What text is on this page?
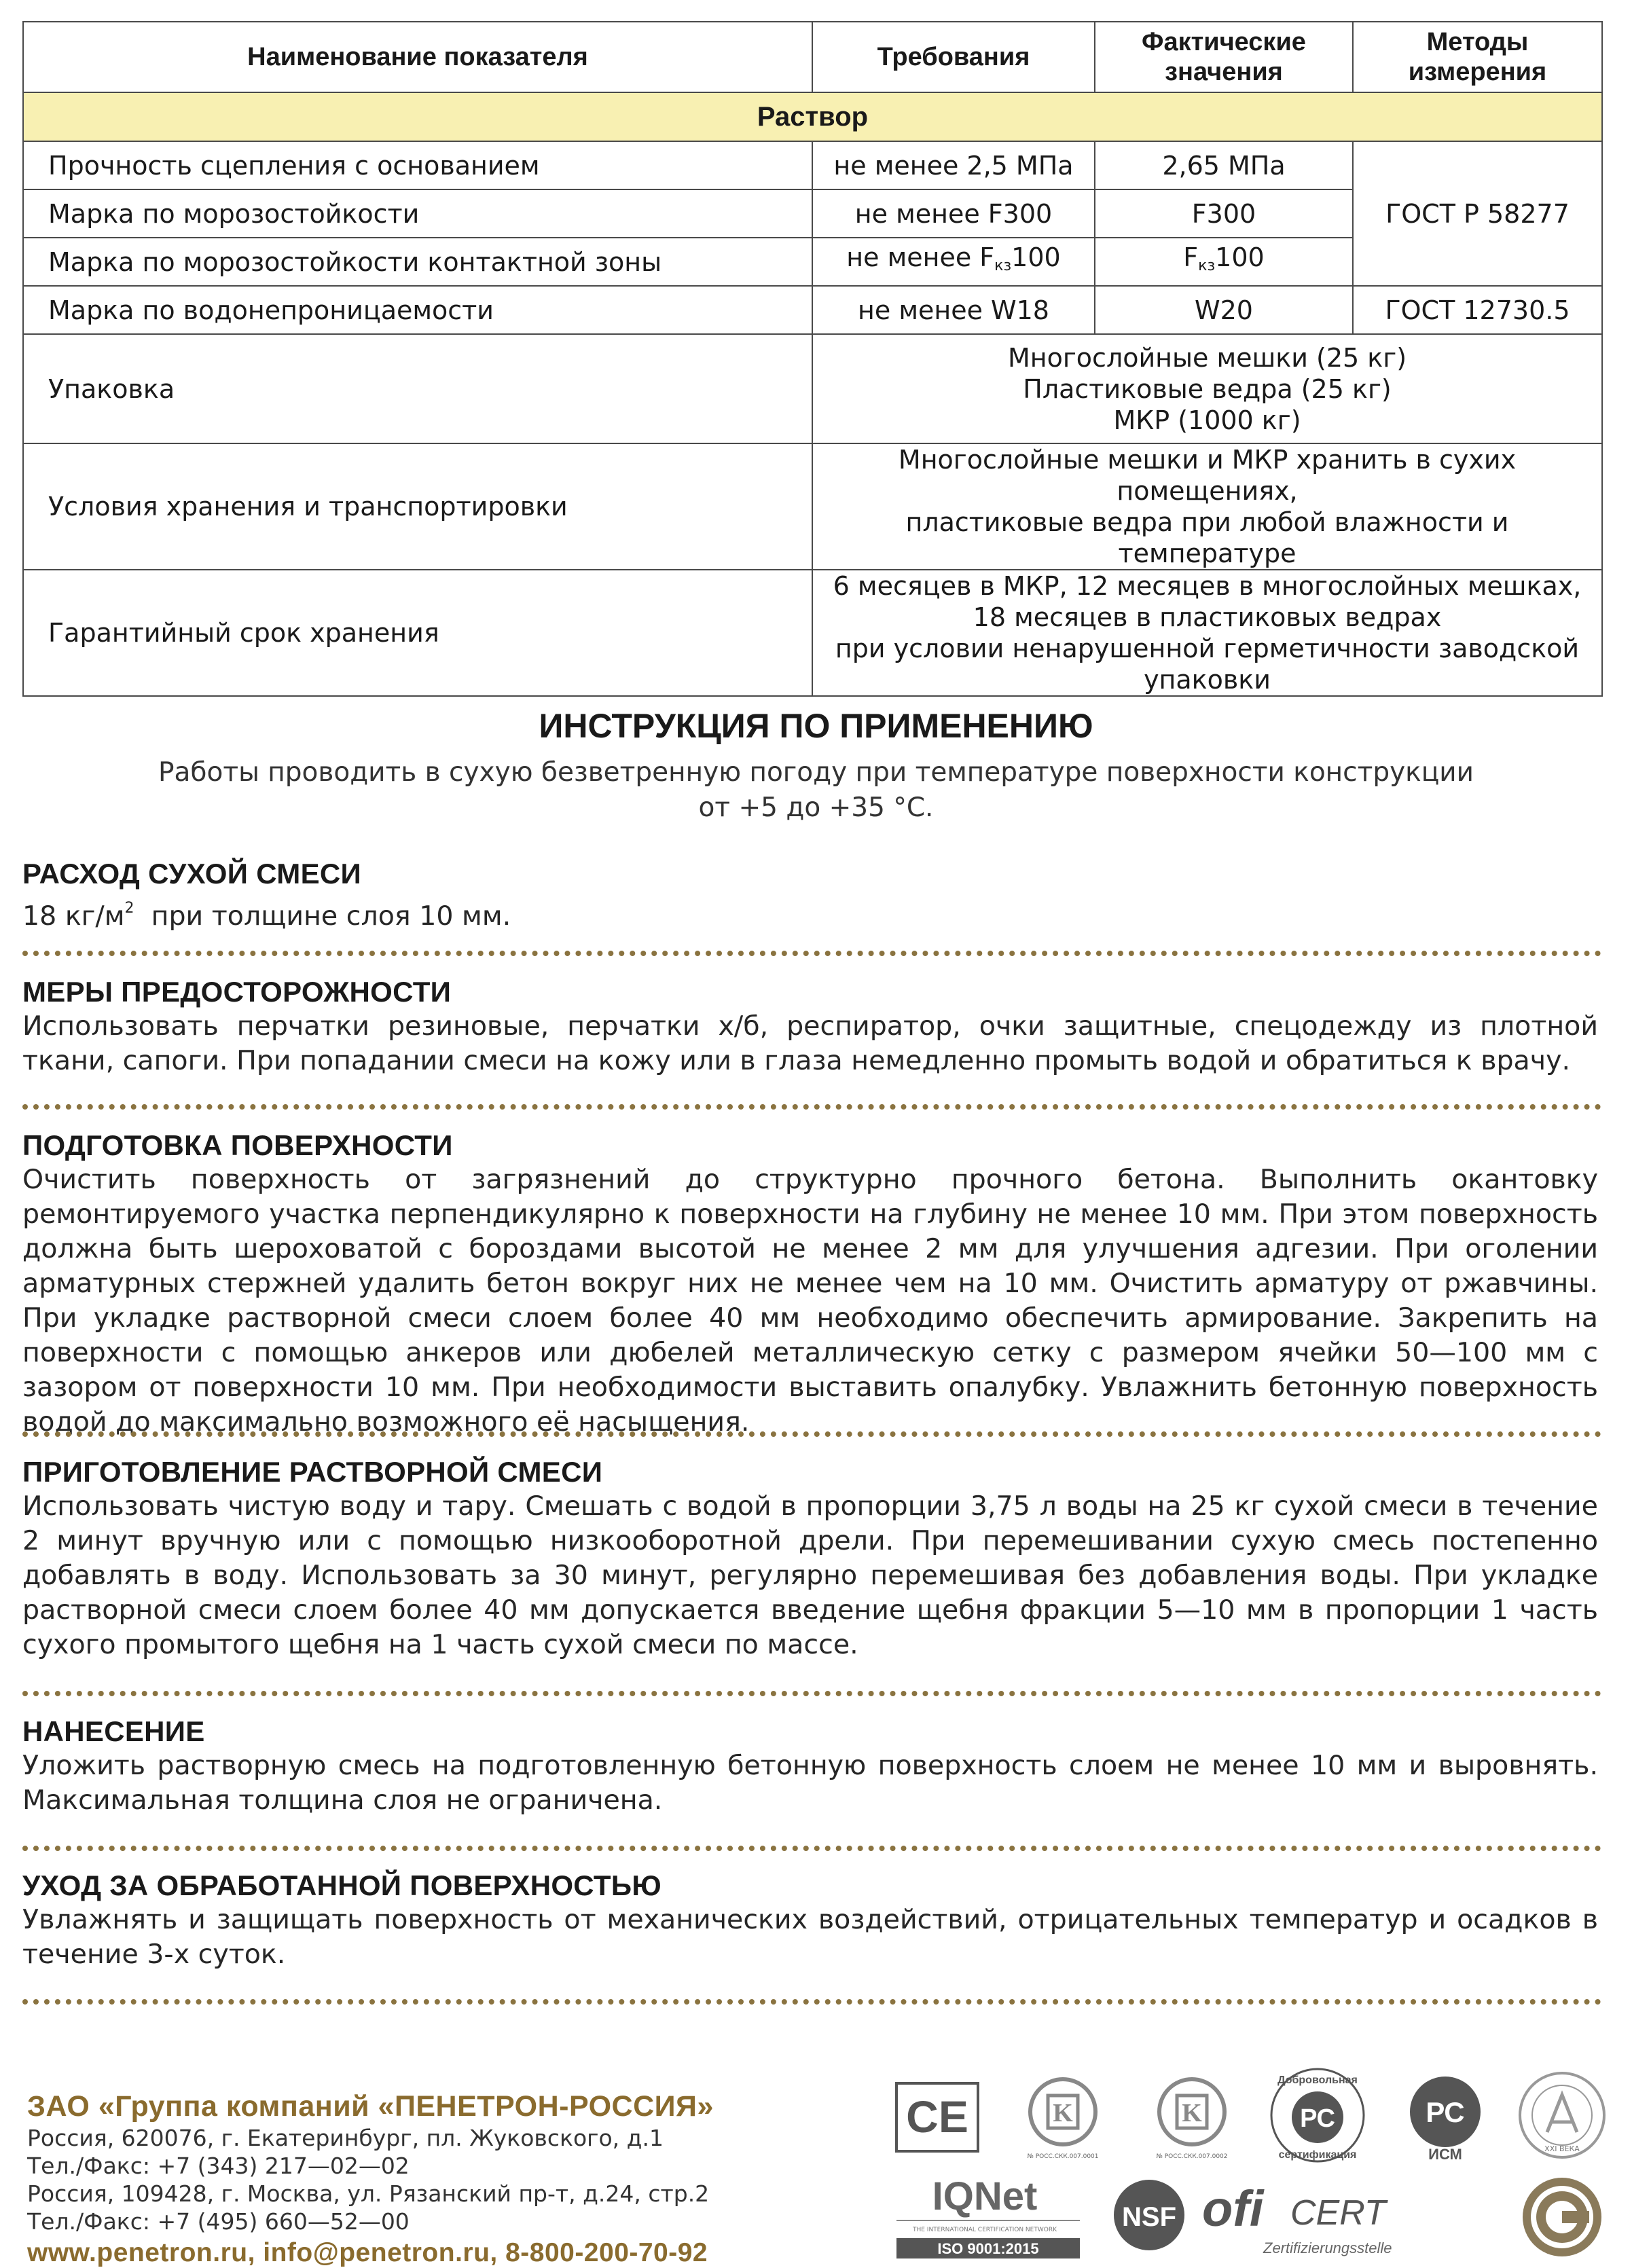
Наименование показателя	Требования	Фактические значения	Методы измерения

Раствор			
Прочность сцепления с основанием	не менее 2,5 МПа	2,65 МПа	ГОСТ Р 58277
Марка по морозостойкости	не менее F300	F300	
Марка по морозостойкости контактной зоны	не менее $F_{кз}100$	$F_{кз}100$	
Марка по водонепроницаемости	не менее W18	W20	ГОСТ 12730.5
Упаковка	Многослойные мешки (25 кг)
Пластиковые ведра (25 кг)
МКР (1000 кг)		

Условия хранения и транспортировки	Многослойные мешки и МКР хранить в сухих помещениях,
пластиковые ведра при любой влажности и температуре		

Гарантийный срок хранения	6 месяцев в МКР, 12 месяцев в многослойных мешках,
18 месяцев в пластиковых ведрах
при условии ненарушенной герметичности заводской упаковки		
ИНСТРУКЦИЯ ПО ПРИМЕНЕНИЮ
Работы проводить в сухую безветренную погоду при температуре поверхности конструкции
от +5 до +35 °С.
РАСХОД СУХОЙ СМЕСИ
18 $кг/м^2$  при толщине слоя 10 мм.
МЕРЫ ПРЕДОСТОРОЖНОСТИ
Использовать перчатки резиновые, перчатки х/б, респиратор, очки защитные, спецодежду из плотной ткани, сапоги. При попадании смеси на кожу или в глаза немедленно промыть водой и обратиться к врачу.
ПОДГОТОВКА ПОВЕРХНОСТИ
Очистить поверхность от загрязнений до структурно прочного бетона. Выполнить окантовку ремонтируемого участка перпендикулярно к поверхности на глубину не менее 10 мм. При этом поверхность должна быть шероховатой с бороздами высотой не менее 2 мм для улучшения адгезии. При оголении арматурных стержней удалить бетон вокруг них не менее чем на 10 мм. Очистить арматуру от ржавчины. При укладке растворной смеси слоем более 40 мм необходимо обеспечить армирование. Закрепить на поверхности с помощью анкеров или дюбелей металлическую сетку с размером ячейки 50—100 мм с зазором от поверхности 10 мм. При необходимости выставить опалубку. Увлажнить бетонную поверхность водой до максимально возможного её насыщения.
ПРИГОТОВЛЕНИЕ РАСТВОРНОЙ СМЕСИ
Использовать чистую воду и тару. Смешать с водой в пропорции 3,75 л воды на 25 кг сухой смеси в течение 2 минут вручную или с помощью низкооборотной дрели. При перемешивании сухую смесь постепенно добавлять в воду. Использовать за 30 минут, регулярно перемешивая без добавления воды. При укладке растворной смеси слоем более 40 мм допускается введение щебня фракции 5—10 мм в пропорции 1 часть сухого промытого щебня на 1 часть сухой смеси по массе.
НАНЕСЕНИЕ
Уложить растворную смесь на подготовленную бетонную поверхность слоем не менее 10 мм и выровнять. Максимальная толщина слоя не ограничена.
УХОД ЗА ОБРАБОТАННОЙ ПОВЕРХНОСТЬЮ
Увлажнять и защищать поверхность от механических воздействий, отрицательных температур и осадков в течение 3-х суток.
ЗАО «Группа компаний «ПЕНЕТРОН-РОССИЯ»
Россия, 620076, г. Екатеринбург, пл. Жуковского, д.1
Тел./Факс: +7 (343) 217—02—02
Россия, 109428, г. Москва, ул. Рязанский пр-т, д.24, стр.2
Тел./Факс: +7 (495) 660—52—00
www.penetron.ru, info@penetron.ru, 8-800-200-70-92
CE	K
№ РОСС.СКК.007.0001
K
№ РОСС.СКК.007.0002
РС
Добровольная
сертификация
РС
ИСМ	XXI ВЕКА
IQNet
THE INTERNATIONAL CERTIFICATION NETWORK
ISO 9001:2015
NSF ofi CERT
Zertifizierungsstelle
